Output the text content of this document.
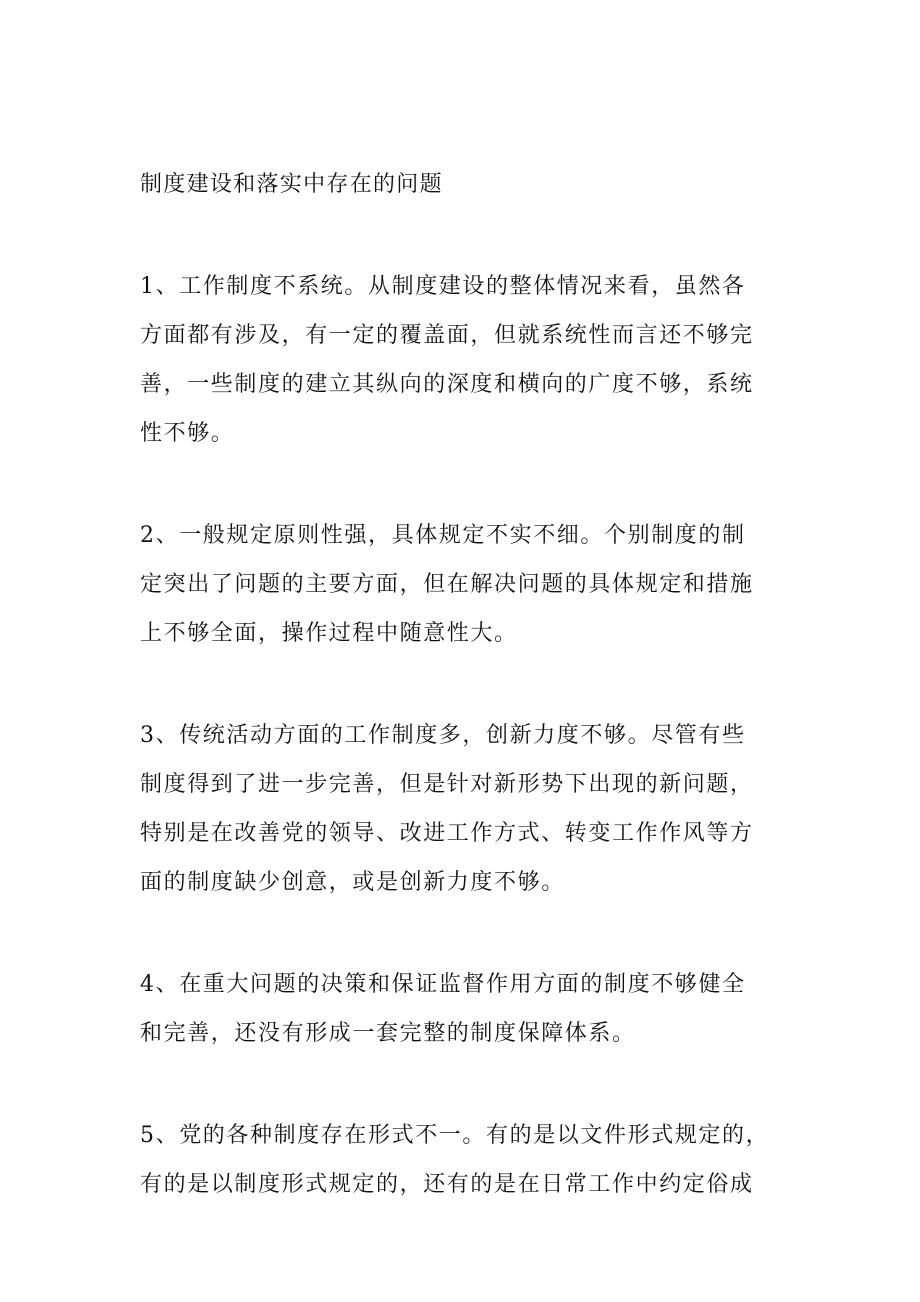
制度建设和落实中存在的问题
1、工作制度不系统。从制度建设的整体情况来看，虽然各
方面都有涉及，有一定的覆盖面，但就系统性而言还不够完
善，一些制度的建立其纵向的深度和横向的广度不够，系统
性不够。
2、一般规定原则性强，具体规定不实不细。个别制度的制
定突出了问题的主要方面，但在解决问题的具体规定和措施
上不够全面，操作过程中随意性大。
3、传统活动方面的工作制度多，创新力度不够。尽管有些
制度得到了进一步完善，但是针对新形势下出现的新问题，
特别是在改善党的领导、改进工作方式、转变工作作风等方
面的制度缺少创意，或是创新力度不够。
4、在重大问题的决策和保证监督作用方面的制度不够健全
和完善，还没有形成一套完整的制度保障体系。
5、党的各种制度存在形式不一。有的是以文件形式规定的，
有的是以制度形式规定的，还有的是在日常工作中约定俗成
